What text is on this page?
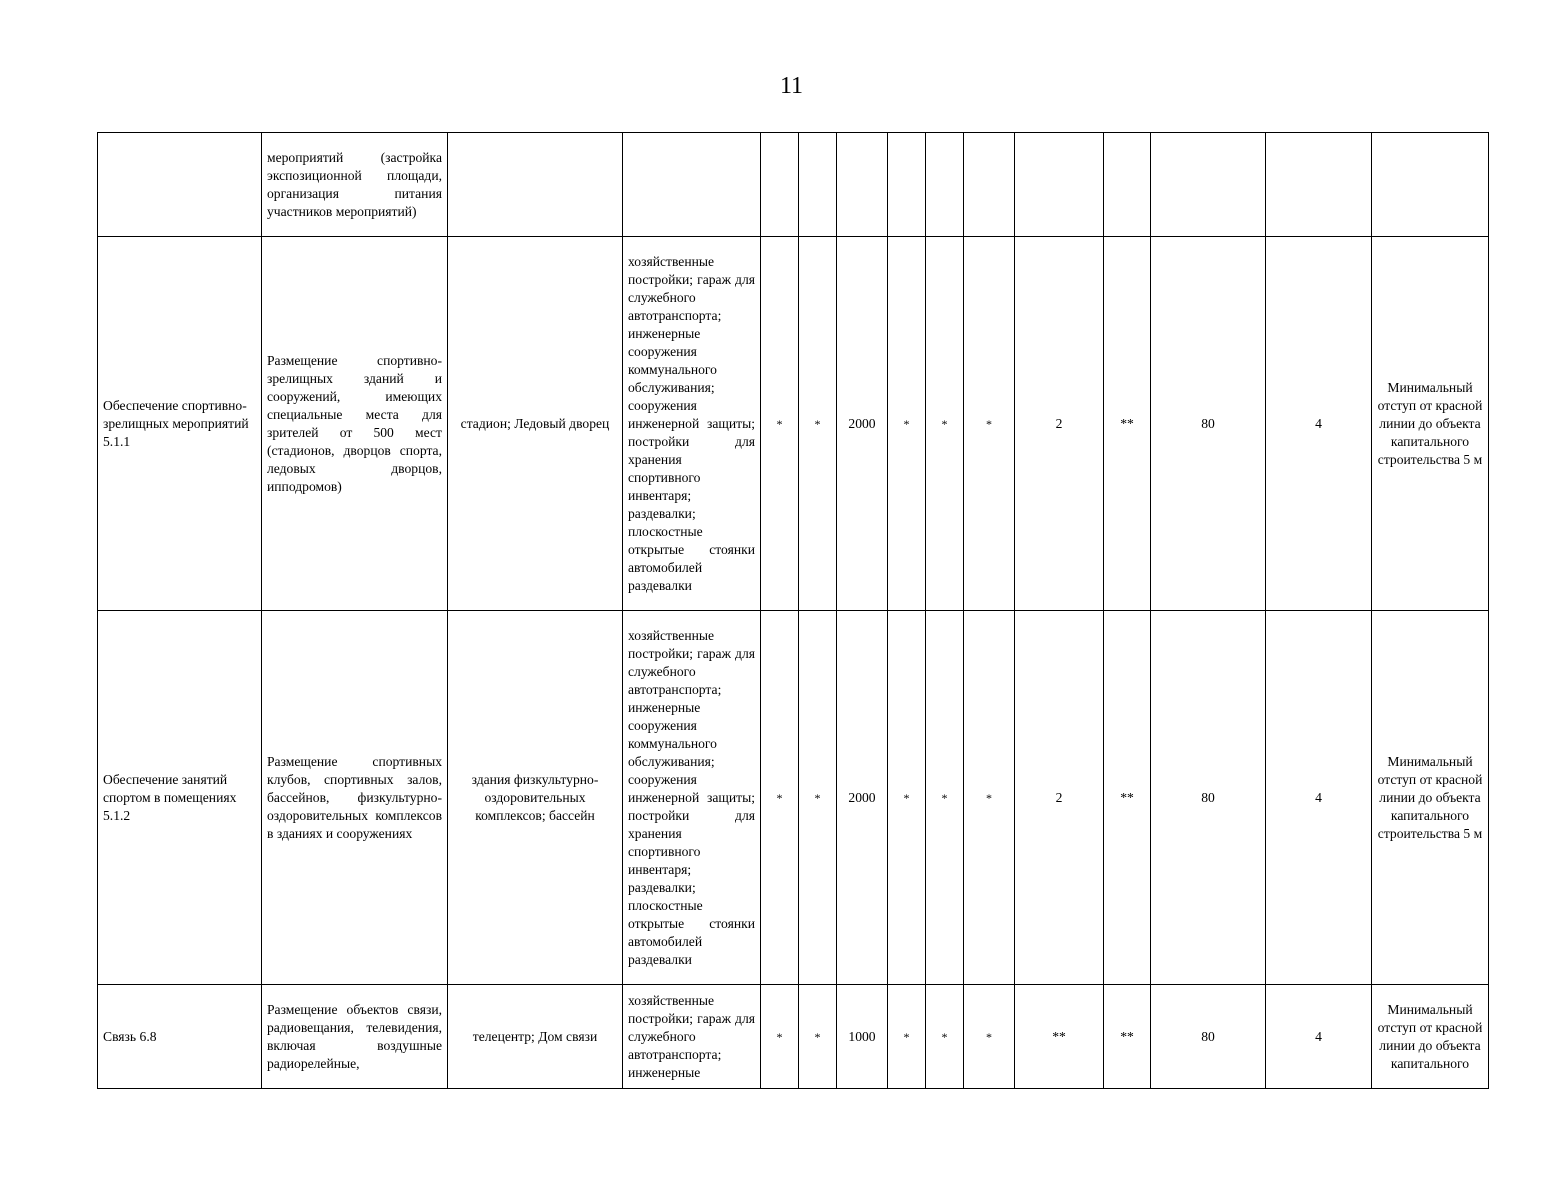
11
	мероприятий (застройка экспозиционной площади, организация питания участников мероприятий)													
Обеспечение спортивно-зрелищных мероприятий 5.1.1	Размещение спортивно-зрелищных зданий и сооружений, имеющих специальные места для зрителей от 500 мест (стадионов, дворцов спорта, ледовых дворцов, ипподромов)	стадион; Ледовый дворец	хозяйственные постройки; гараж для служебного автотранспорта; инженерные сооружения коммунального обслуживания; сооружения инженерной защиты; постройки для хранения спортивного инвентаря; раздевалки; плоскостные открытые стоянки автомобилей раздевалки	*	*	2000	*	*	*	2	**	80	4	Минимальный отступ от красной линии до объекта капитального строительства 5 м
Обеспечение занятий спортом в помещениях 5.1.2	Размещение спортивных клубов, спортивных залов, бассейнов, физкультурно-оздоровительных комплексов в зданиях и сооружениях	здания физкультурно-оздоровительных комплексов; бассейн	хозяйственные постройки; гараж для служебного автотранспорта; инженерные сооружения коммунального обслуживания; сооружения инженерной защиты; постройки для хранения спортивного инвентаря; раздевалки; плоскостные открытые стоянки автомобилей раздевалки	*	*	2000	*	*	*	2	**	80	4	Минимальный отступ от красной линии до объекта капитального строительства 5 м
Связь 6.8	Размещение объектов связи, радиовещания, телевидения, включая воздушные радиорелейные,	телецентр; Дом связи	хозяйственные постройки; гараж для служебного автотранспорта; инженерные	*	*	1000	*	*	*	**	**	80	4	Минимальный отступ от красной линии до объекта капитального
